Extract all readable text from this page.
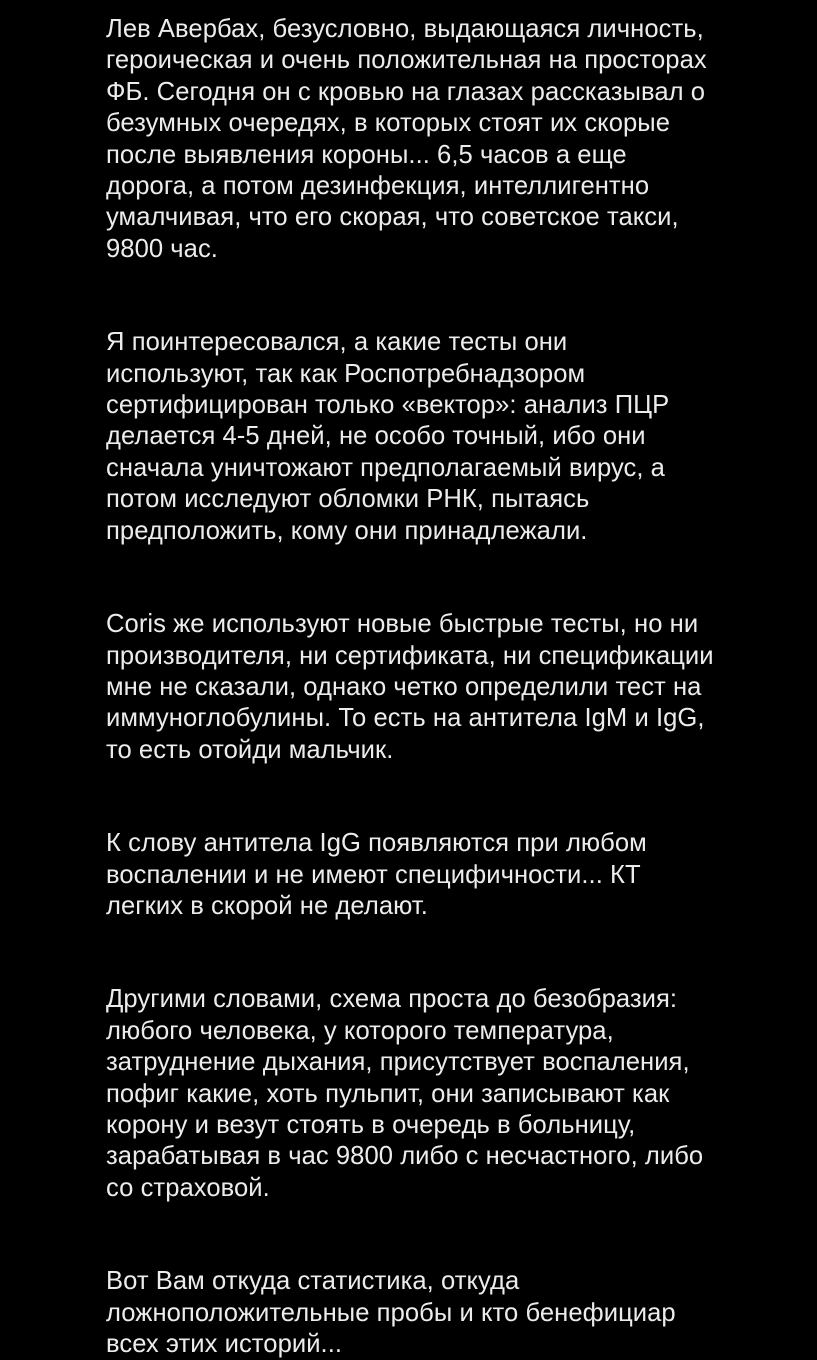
Лев Авербах, безусловно, выдающаяся личность,
героическая и очень положительная на просторах
ФБ. Сегодня он с кровью на глазах рассказывал о
безумных очередях, в которых стоят их скорые
после выявления короны... 6,5 часов а еще
дорога, а потом дезинфекция, интеллигентно
умалчивая, что его скорая, что советское такси,
9800 час.

Я поинтересовался, а какие тесты они
используют, так как Роспотребнадзором
сертифицирован только «вектор»: анализ ПЦР
делается 4-5 дней, не особо точный, ибо они
сначала уничтожают предполагаемый вирус, а
потом исследуют обломки РНК, пытаясь
предположить, кому они принадлежали.

Coris же используют новые быстрые тесты, но ни
производителя, ни сертификата, ни спецификации
мне не сказали, однако четко определили тест на
иммуноглобулины. То есть на антитела IgM и IgG,
то есть отойди мальчик.

К слову антитела IgG появляются при любом
воспалении и не имеют специфичности... КТ
легких в скорой не делают.

Другими словами, схема проста до безобразия:
любого человека, у которого температура,
затруднение дыхания, присутствует воспаления,
пофиг какие, хоть пульпит, они записывают как
корону и везут стоять в очередь в больницу,
зарабатывая в час 9800 либо с несчастного, либо
со страховой.

Вот Вам откуда статистика, откуда
ложноположительные пробы и кто бенефициар
всех этих историй...
